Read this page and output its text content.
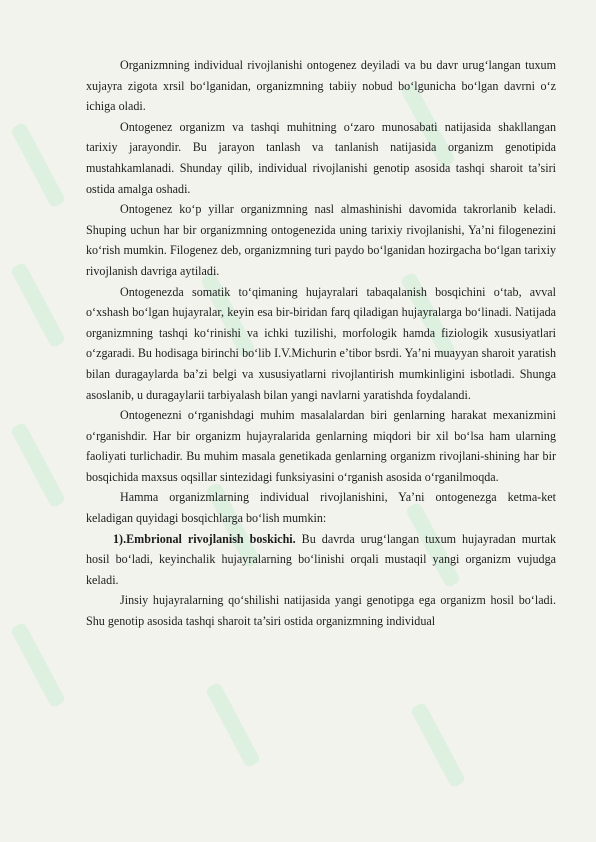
Organizmning individual rivojlanishi ontogenez deyiladi va bu davr urug‘langan tuxum xujayra zigota xrsil bo‘lganidan, organizmning tabiiy nobud bo‘lgunicha bo‘lgan davrni o‘z ichiga oladi.

Ontogenez organizm va tashqi muhitning o‘zaro munosabati natijasida shakllangan tarixiy jarayondir. Bu jarayon tanlash va tanlanish natijasida organizm genotipida mustahkamlanadi. Shunday qilib, individual rivojlanishi genotip asosida tashqi sharoit ta’siri ostida amalga oshadi.

Ontogenez ko‘p yillar organizmning nasl almashinishi davomida takrorlanib keladi. Shuping uchun har bir organizmning ontogenezida uning tarixiy rivojlanishi, Ya’ni filogenezini ko‘rish mumkin. Filogenez deb, organizmning turi paydo bo‘lganidan hozirgacha bo‘lgan tarixiy rivojlanish davriga aytiladi.

Ontogenezda somatik to‘qimaning hujayralari tabaqalanish bosqichini o‘tab, avval o‘xshash bo‘lgan hujayralar, keyin esa bir-biridan farq qiladigan hujayralarga bo‘linadi. Natijada organizmning tashqi ko‘rinishi va ichki tuzilishi, morfologik hamda fiziologik xususiyatlari o‘zgaradi. Bu hodisaga birinchi bo‘lib I.V.Michurin e’tibor bsrdi. Ya’ni muayyan sharoit yaratish bilan duragaylarda ba’zi belgi va xususiyatlarni rivojlantirish mumkinligini isbotladi. Shunga asoslanib, u duragaylarii tarbiyalash bilan yangi navlarni yaratishda foydalandi.

Ontogenezni o‘rganishdagi muhim masalalardan biri genlarning harakat mexanizmini o‘rganishdir. Har bir organizm hujayralarida genlarning miqdori bir xil bo‘lsa ham ularning faoliyati turlichadir. Bu muhim masala genetikada genlarning organizm rivojlani-shining har bir bosqichida maxsus oqsillar sintezidagi funksiyasini o‘rganish asosida o‘rganilmoqda.

Hamma organizmlarning individual rivojlanishini, Ya’ni ontogenezga ketma-ket keladigan quyidagi bosqichlarga bo‘lish mumkin:

1).Embrional rivojlanish boskichi. Bu davrda urug‘langan tuxum hujayradan murtak hosil bo‘ladi, keyinchalik hujayralarning bo‘linishi orqali mustaqil yangi organizm vujudga keladi.

Jinsiy hujayralarning qo‘shilishi natijasida yangi genotipga ega organizm hosil bo‘ladi. Shu genotip asosida tashqi sharoit ta’siri ostida organizmning individual
